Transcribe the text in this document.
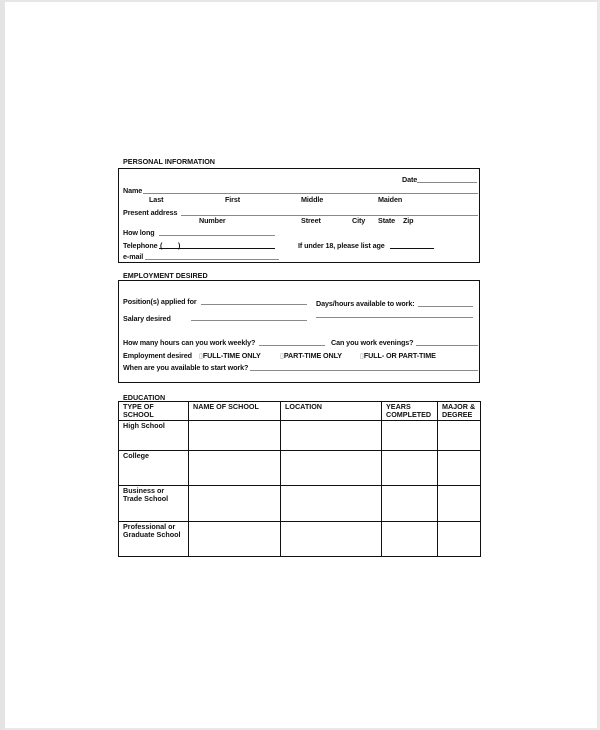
PERSONAL INFORMATION
Date
Name
Last	First	Middle	Maiden
Present address
Number	Street	City State Zip
How long
Telephone ( )	If under 18, please list age
e-mail
EMPLOYMENT DESIRED
Position(s) applied for	Days/hours available to work:
Salary desired
How many hours can you work weekly?	Can you work evenings?
Employment desired ▯FULL-TIME ONLY	▯PART-TIME ONLY	▯FULL- OR PART-TIME
When are you available to start work?
EDUCATION
TYPE OF SCHOOL	NAME OF SCHOOL	LOCATION	YEARS COMPLETED	MAJOR & DEGREE
High School				
College				
Business or Trade School				
Professional or Graduate School				
